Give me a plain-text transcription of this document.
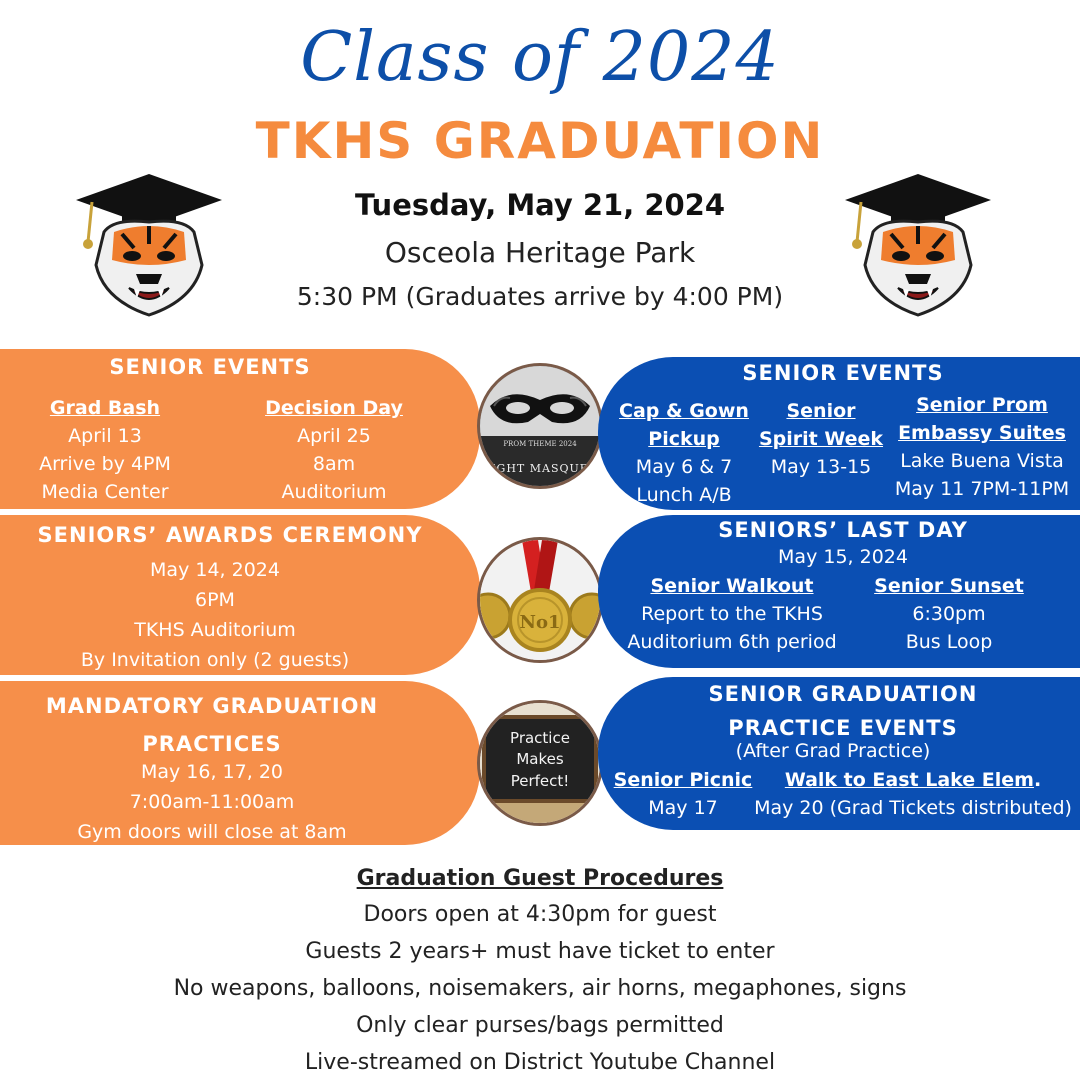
Class of 2024
TKHS GRADUATION
Tuesday, May 21, 2024
Osceola Heritage Park
5:30 PM (Graduates arrive by 4:00 PM)
SENIOR EVENTS
Grad Bash
April 13
Arrive by 4PM
Media Center
Decision Day
April 25
8am
Auditorium
PROM THEME 2024
IGHT MASQUE
SENIOR EVENTS
Cap & Gown
Pickup
May 6 & 7
Lunch A/B
Senior
Spirit Week
May 13-15
Senior Prom
Embassy Suites
Lake Buena Vista
May 11 7PM-11PM
SENIORS’ AWARDS CEREMONY
May 14, 2024
6PM
TKHS Auditorium
By Invitation only (2 guests)
No1
SENIORS’ LAST DAY
May 15, 2024
Senior Walkout
Report to the TKHS
Auditorium 6th period
Senior Sunset
6:30pm
Bus Loop
MANDATORY GRADUATION
PRACTICES
May 16, 17, 20
7:00am-11:00am
Gym doors will close at 8am
Practice
Makes
Perfect!
SENIOR GRADUATION
PRACTICE EVENTS
(After Grad Practice)
Senior Picnic
May 17
Walk to East Lake Elem.
May 20 (Grad Tickets distributed)
Graduation Guest Procedures
Doors open at 4:30pm for guest
Guests 2 years+ must have ticket to enter
No weapons, balloons, noisemakers, air horns, megaphones, signs
Only clear purses/bags permitted
Live-streamed on District Youtube Channel
